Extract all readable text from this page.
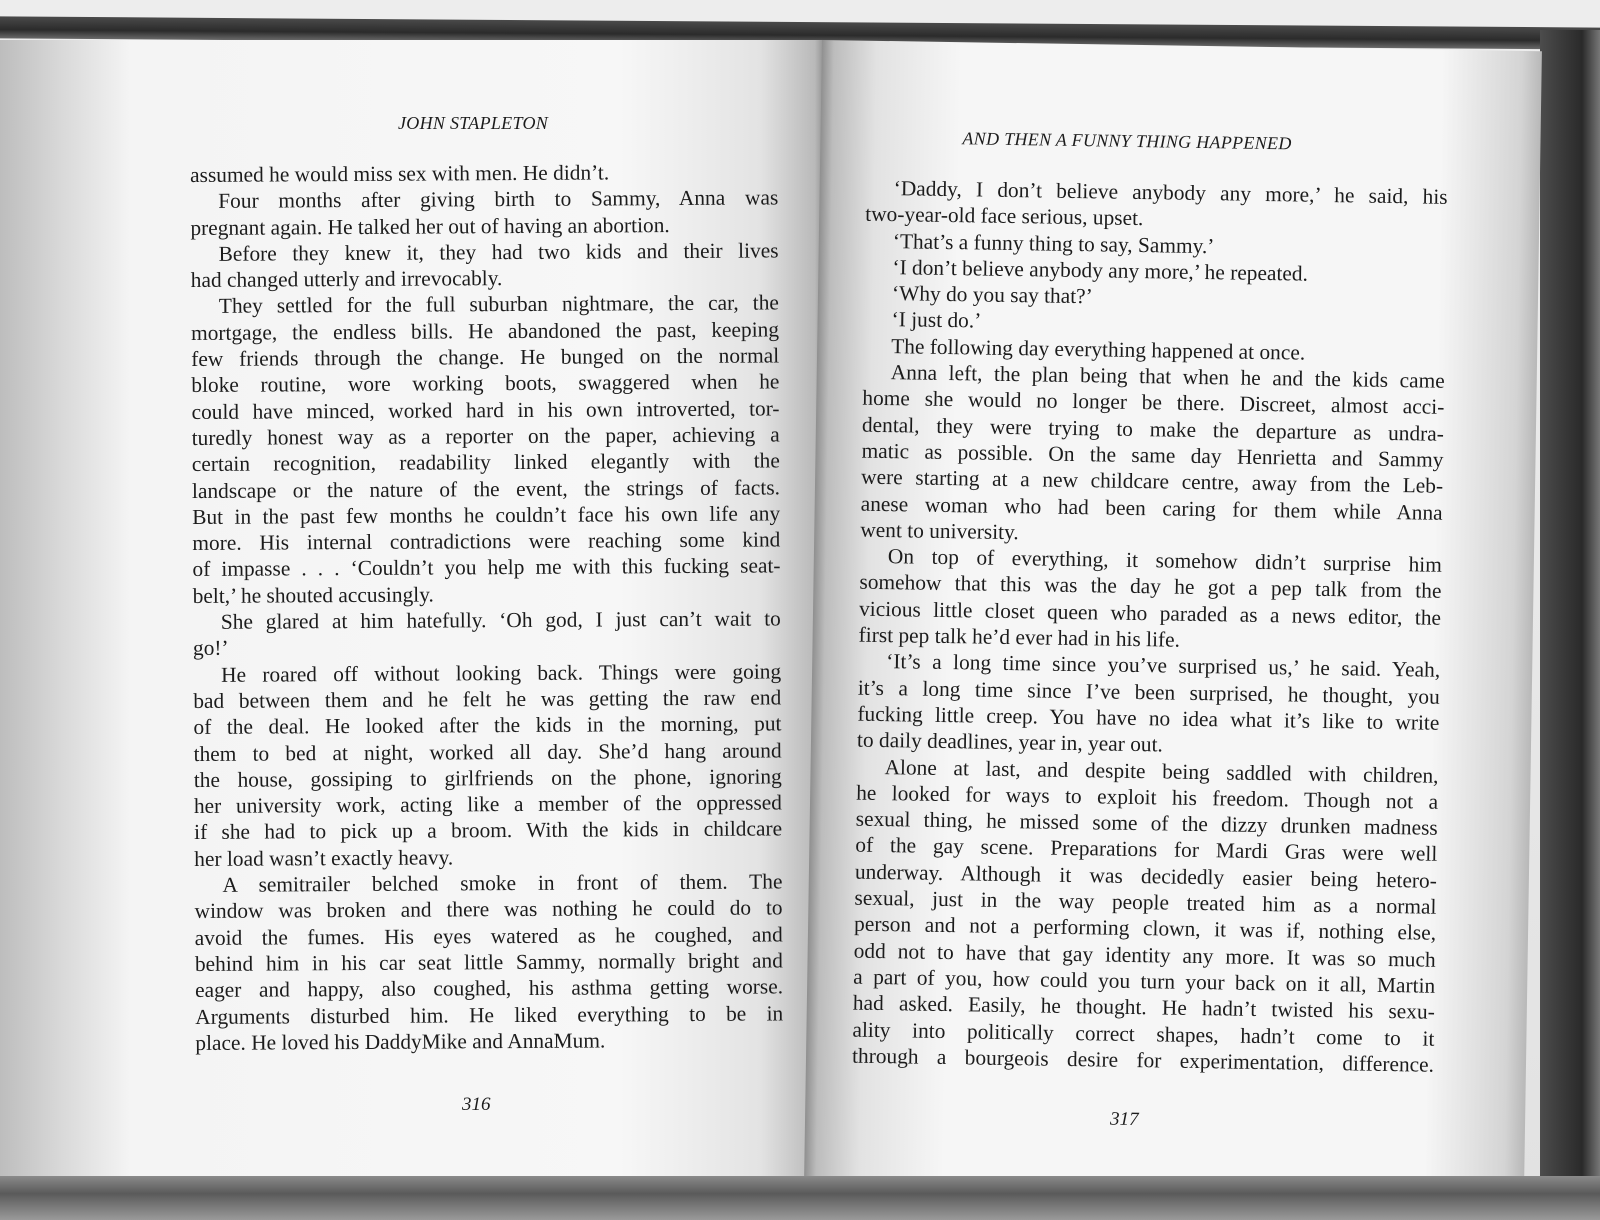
JOHN STAPLETON
assumed he would miss sex with men. He didn’t.
Four months after giving birth to Sammy, Anna was
pregnant again. He talked her out of having an abortion.
Before they knew it, they had two kids and their lives
had changed utterly and irrevocably.
They settled for the full suburban nightmare, the car, the
mortgage, the endless bills. He abandoned the past, keeping
few friends through the change. He bunged on the normal
bloke routine, wore working boots, swaggered when he
could have minced, worked hard in his own introverted, tor-
turedly honest way as a reporter on the paper, achieving a
certain recognition, readability linked elegantly with the
landscape or the nature of the event, the strings of facts.
But in the past few months he couldn’t face his own life any
more. His internal contradictions were reaching some kind
of impasse . . . ‘Couldn’t you help me with this fucking seat-
belt,’ he shouted accusingly.
She glared at him hatefully. ‘Oh god, I just can’t wait to
go!’
He roared off without looking back. Things were going
bad between them and he felt he was getting the raw end
of the deal. He looked after the kids in the morning, put
them to bed at night, worked all day. She’d hang around
the house, gossiping to girlfriends on the phone, ignoring
her university work, acting like a member of the oppressed
if she had to pick up a broom. With the kids in childcare
her load wasn’t exactly heavy.
A semitrailer belched smoke in front of them. The
window was broken and there was nothing he could do to
avoid the fumes. His eyes watered as he coughed, and
behind him in his car seat little Sammy, normally bright and
eager and happy, also coughed, his asthma getting worse.
Arguments disturbed him. He liked everything to be in
place. He loved his DaddyMike and AnnaMum.
316
AND THEN A FUNNY THING HAPPENED
‘Daddy, I don’t believe anybody any more,’ he said, his
two-year-old face serious, upset.
‘That’s a funny thing to say, Sammy.’
‘I don’t believe anybody any more,’ he repeated.
‘Why do you say that?’
‘I just do.’
The following day everything happened at once.
Anna left, the plan being that when he and the kids came
home she would no longer be there. Discreet, almost acci-
dental, they were trying to make the departure as undra-
matic as possible. On the same day Henrietta and Sammy
were starting at a new childcare centre, away from the Leb-
anese woman who had been caring for them while Anna
went to university.
On top of everything, it somehow didn’t surprise him
somehow that this was the day he got a pep talk from the
vicious little closet queen who paraded as a news editor, the
first pep talk he’d ever had in his life.
‘It’s a long time since you’ve surprised us,’ he said. Yeah,
it’s a long time since I’ve been surprised, he thought, you
fucking little creep. You have no idea what it’s like to write
to daily deadlines, year in, year out.
Alone at last, and despite being saddled with children,
he looked for ways to exploit his freedom. Though not a
sexual thing, he missed some of the dizzy drunken madness
of the gay scene. Preparations for Mardi Gras were well
underway. Although it was decidedly easier being hetero-
sexual, just in the way people treated him as a normal
person and not a performing clown, it was if, nothing else,
odd not to have that gay identity any more. It was so much
a part of you, how could you turn your back on it all, Martin
had asked. Easily, he thought. He hadn’t twisted his sexu-
ality into politically correct shapes, hadn’t come to it
through a bourgeois desire for experimentation, difference.
317
